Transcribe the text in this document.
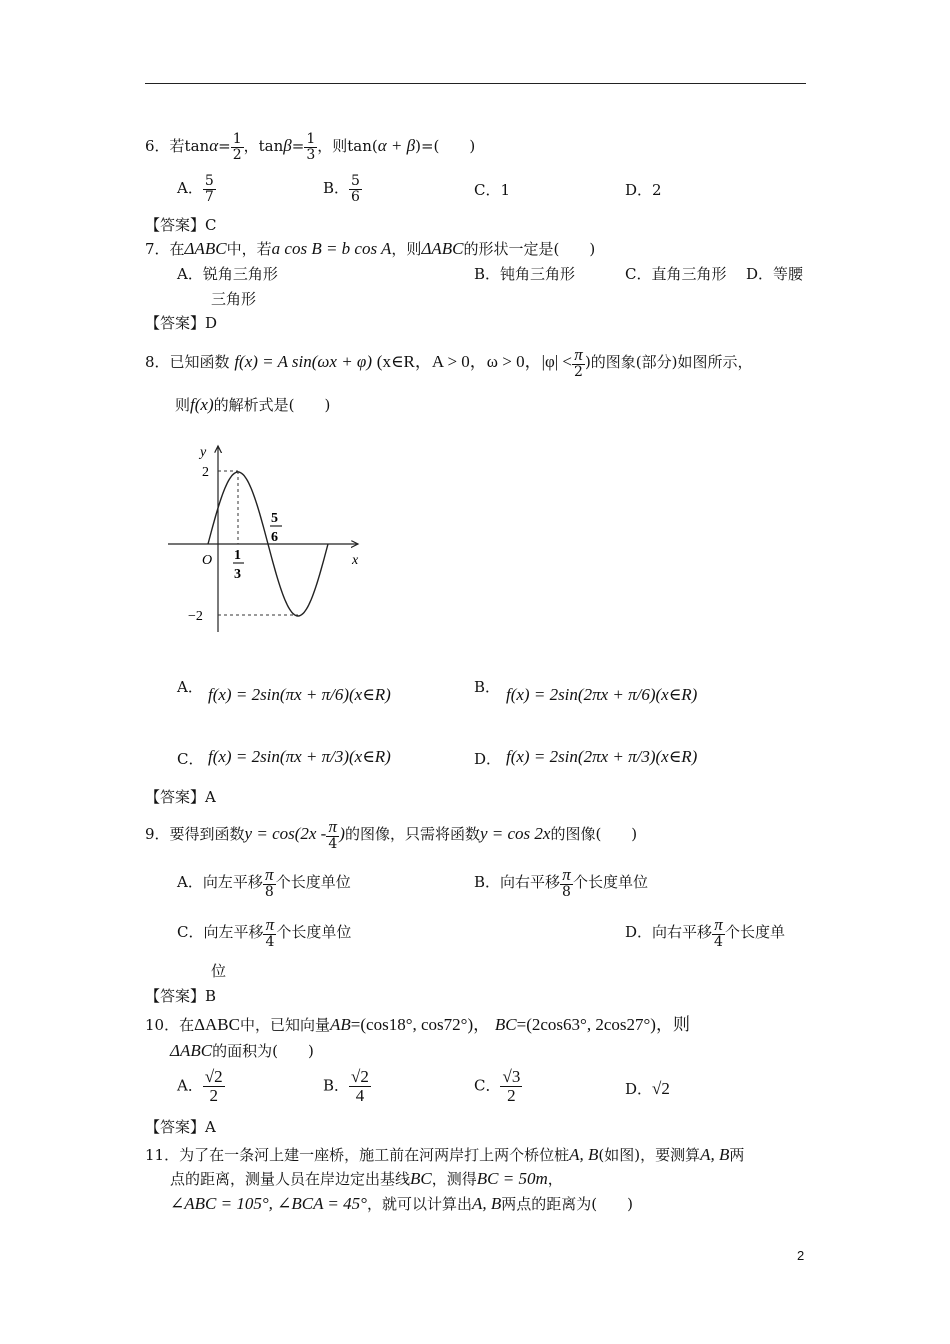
6．若$\tan\alpha= \frac{1}{2}$ ，$\tan\beta= \frac{1}{3}$ ，则tan(α + β)=(　　)
A． $\frac{5}{7}$	B． $\frac{5}{6}$	C．1	D．2
【答案】C
7．在ΔABC中，若a cos B = b cos A，则ΔABC的形状一定是(　　)
A．锐角三角形	B．钝角三角形	C．直角三角形 D．等腰
三角形
【答案】D
8．已知函数 f(x) = A sin(ωx + φ) (x∈R，A > 0，ω > 0，$|\varphi| < \frac{\pi}{2}$ )的图象(部分)如图所示，
则f(x)的解析式是(　　)
y
x
O
2
−2
1
3
5
6
A． f(x) = 2sin(πx + π/6)(x∈R)	B． f(x) = 2sin(2πx + π/6)(x∈R)
C． f(x) = 2sin(πx + π/3)(x∈R)	D． f(x) = 2sin(2πx + π/3)(x∈R)
【答案】A
9．要得到函数$y = \cos(2x - \frac{\pi}{4}$ )的图像，只需将函数y = cos 2x的图像(　　)
A．向左平移 $\frac{\pi}{8}$ 个长度单位	B．向右平移 $\frac{\pi}{8}$ 个长度单位
C．向左平移 $\frac{\pi}{4}$ 个长度单位	D．向右平移 $\frac{\pi}{4}$ 个长度单
位
【答案】B
10．在ΔABC中，已知向量AB=(cos18°, cos72°)， BC=(2cos63°, 2cos27°)，则
ΔABC的面积为(　　)
A． $\frac{√2}{2}$	B． $\frac{√2}{4}$	C． $\frac{√3}{2}$	D．√2
【答案】A
11．为了在一条河上建一座桥，施工前在河两岸打上两个桥位桩A, B(如图)，要测算A, B两
点的距离，测量人员在岸边定出基线BC，测得BC = 50m，
∠ABC = 105°, ∠BCA = 45°，就可以计算出A, B两点的距离为(　　)
2
